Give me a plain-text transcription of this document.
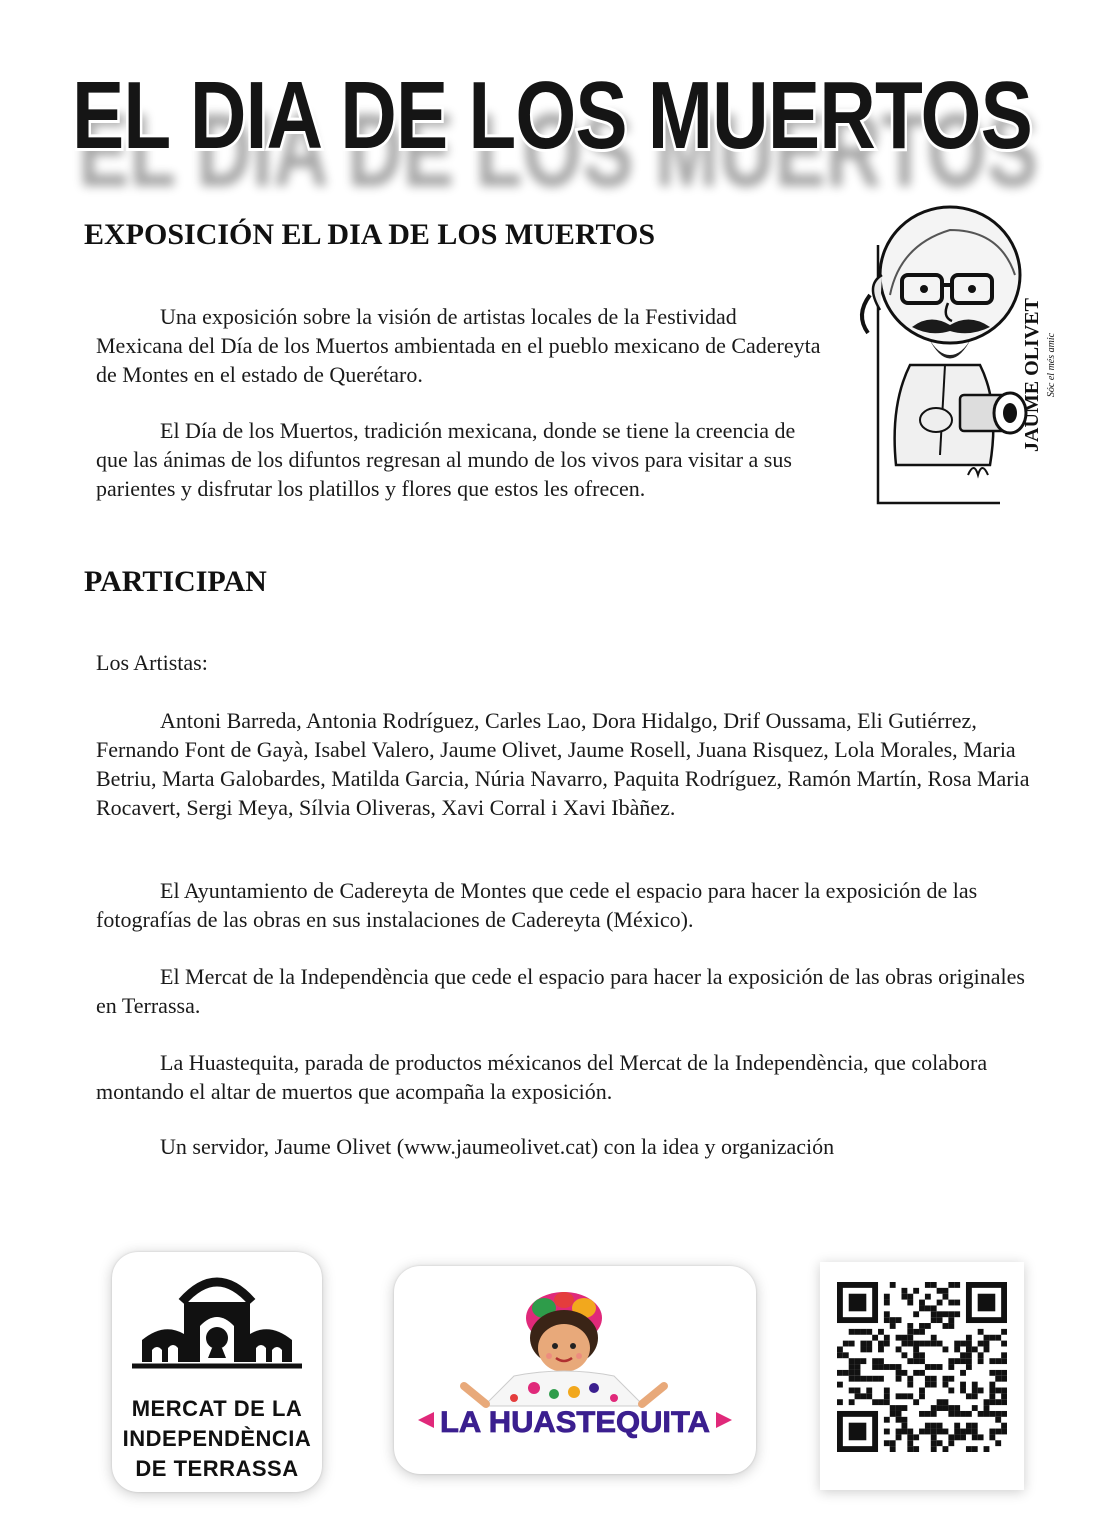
EL DIA DE LOS MUERTOS
EL DIA DE LOS MUERTOS
EXPOSICIÓN EL DIA DE LOS MUERTOS

Una exposición sobre la visión de artistas locales de la Festividad Mexicana del Día de los Muertos ambientada en el pueblo mexicano de Cadereyta de Montes en el estado de Querétaro.

El Día de los Muertos, tradición mexicana, donde se tiene la creencia de que las ánimas de los difuntos regresan al mundo de los vivos para visitar a sus parientes y disfrutar los platillos y flores que estos les ofrecen.

JAUME OLIVET Sóc el més amic
PARTICIPAN

Los Artistas:

Antoni Barreda, Antonia Rodríguez, Carles Lao, Dora Hidalgo, Drif Oussama, Eli Gutiérrez, Fernando Font de Gayà, Isabel Valero, Jaume Olivet, Jaume Rosell, Juana Risquez, Lola Morales, Maria Betriu, Marta Galobardes, Matilda Garcia, Núria Navarro, Paquita Rodríguez, Ramón Martín, Rosa Maria Rocavert, Sergi Meya, Sílvia Oliveras, Xavi Corral i Xavi Ibàñez.

El Ayuntamiento de Cadereyta de Montes que cede el espacio para hacer la exposición de las fotografías de las obras en sus instalaciones de Cadereyta (México).

El Mercat de la Independència que cede el espacio para hacer la exposición de las obras originales en Terrassa.

La Huastequita, parada de productos méxicanos del Mercat de la Independència, que colabora montando el altar de muertos que acompaña la exposición.

Un servidor, Jaume Olivet (www.jaumeolivet.cat) con la idea y organización

MERCAT DE LA
INDEPENDÈNCIA
DE TERRASSA
LA HUASTEQUITA
